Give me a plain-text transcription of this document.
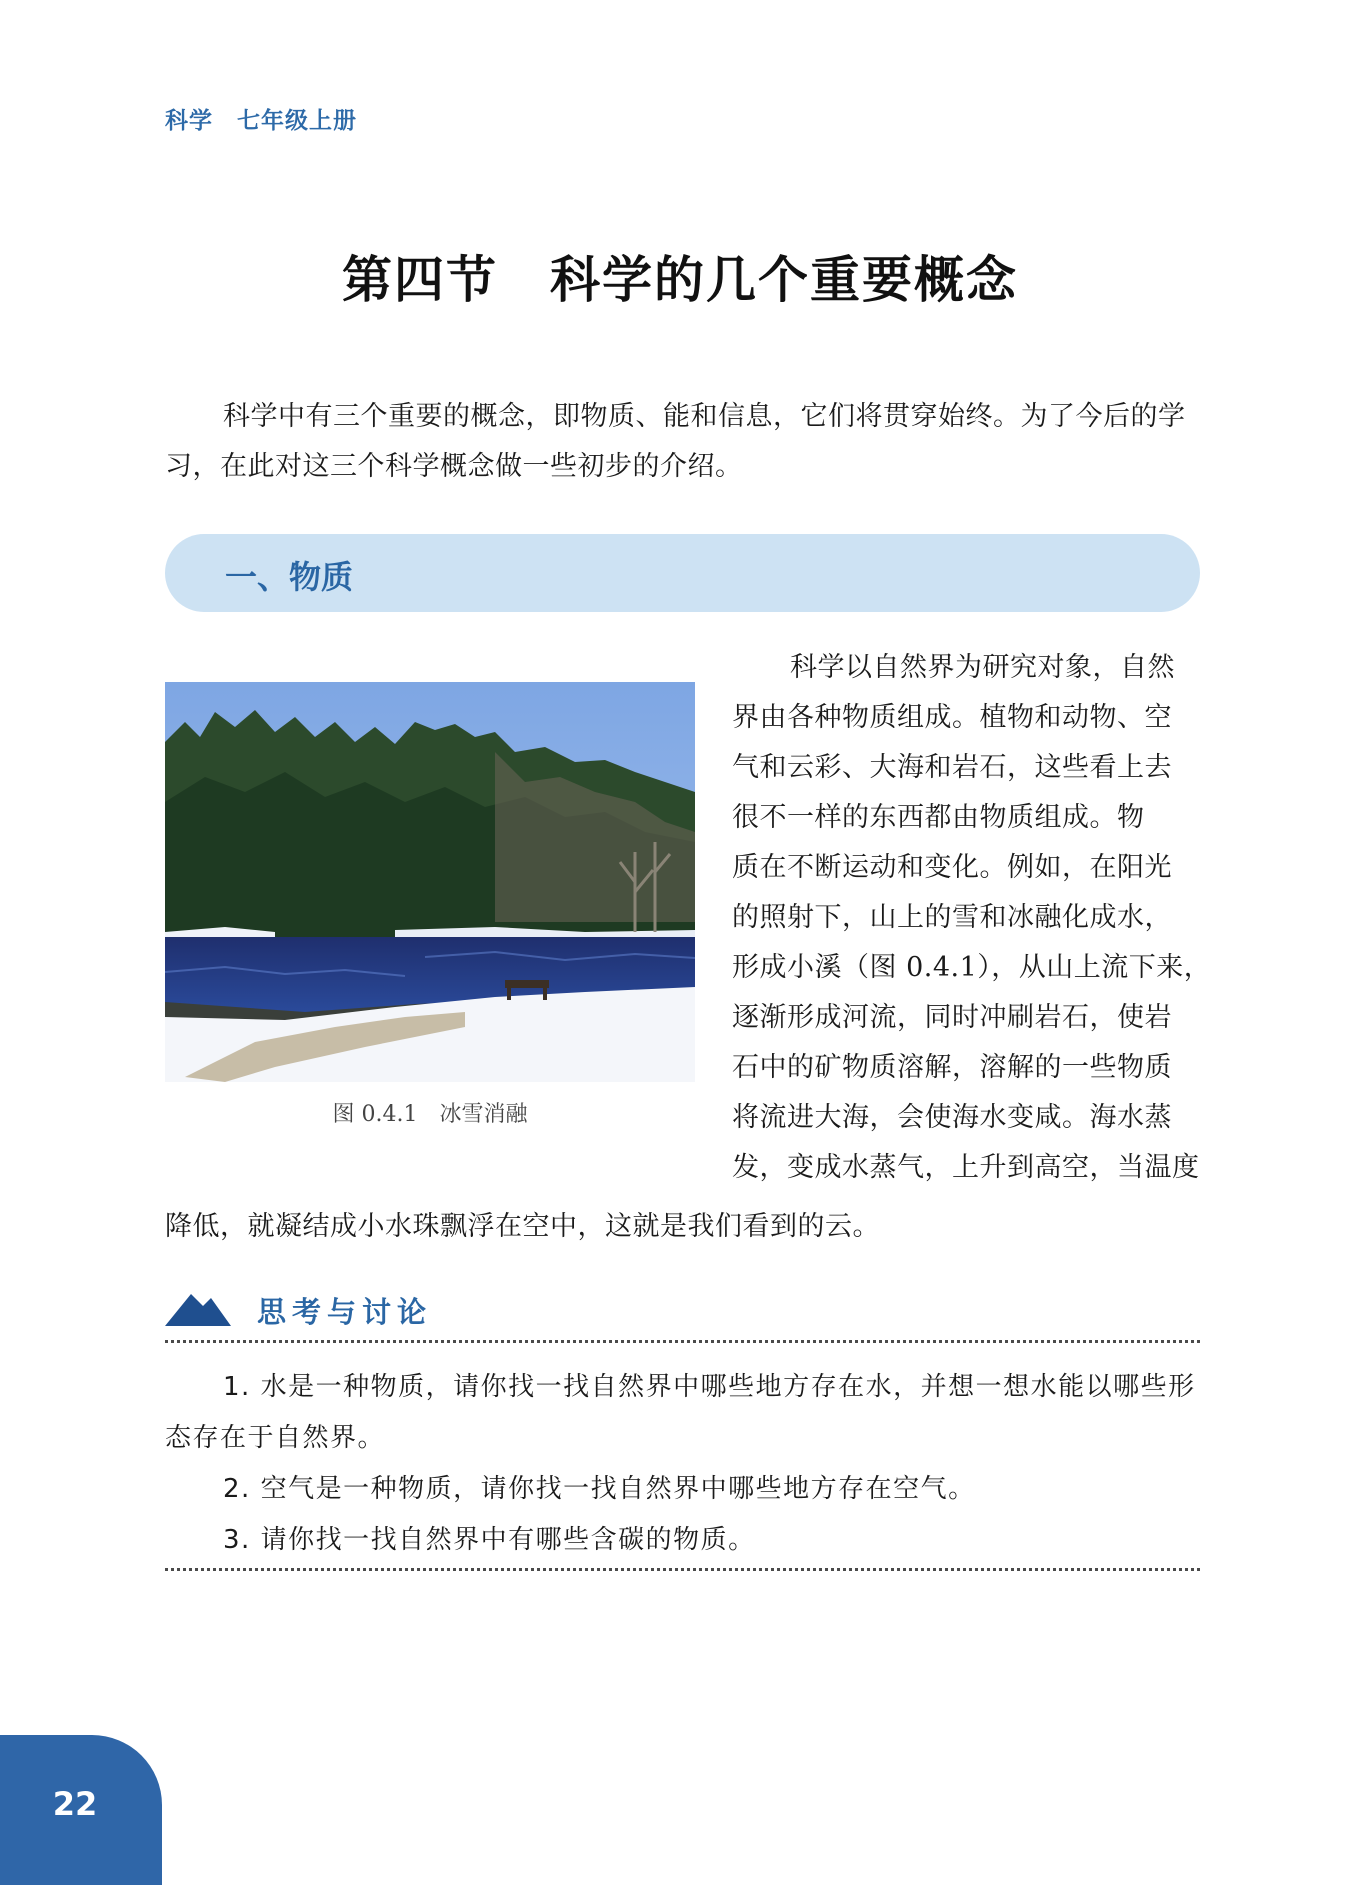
科学　七年级上册
第四节　科学的几个重要概念
科学中有三个重要的概念，即物质、能和信息，它们将贯穿始终。为了今后的学习，在此对这三个科学概念做一些初步的介绍。
一、物质
图 0.4.1　冰雪消融
科学以自然界为研究对象，自然
界由各种物质组成。植物和动物、空
气和云彩、大海和岩石，这些看上去
很不一样的东西都由物质组成。物
质在不断运动和变化。例如，在阳光
的照射下，山上的雪和冰融化成水，
形成小溪（图 0.4.1），从山上流下来，
逐渐形成河流，同时冲刷岩石，使岩
石中的矿物质溶解，溶解的一些物质
将流进大海，会使海水变咸。海水蒸
发，变成水蒸气，上升到高空，当温度
降低，就凝结成小水珠飘浮在空中，这就是我们看到的云。
思考与讨论
1. 水是一种物质，请你找一找自然界中哪些地方存在水，并想一想水能以哪些形态存在于自然界。
2. 空气是一种物质，请你找一找自然界中哪些地方存在空气。
3. 请你找一找自然界中有哪些含碳的物质。
22
